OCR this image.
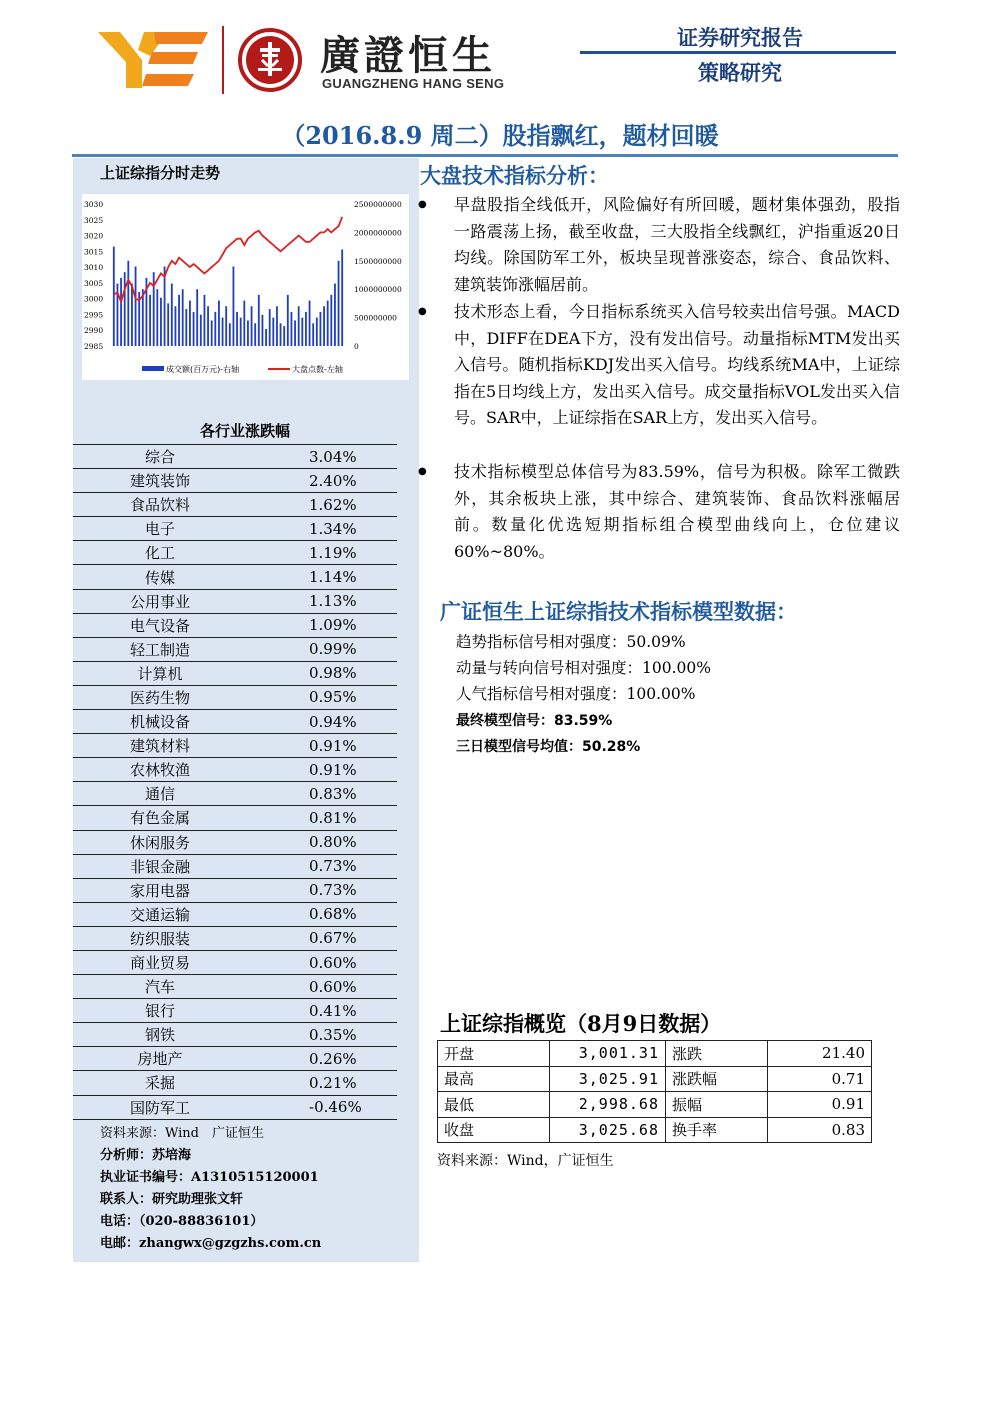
廣證恒生
GUANGZHENG HANG SENG
证券研究报告
策略研究
（2016.8.9 周二）股指飘红，题材回暖
上证综指分时走势
3030
3025
3020
3015
3010
3005
3000
2995
2990
2985
2500000000
2000000000
1500000000
1000000000
500000000
0
成交额(百万元)-右轴	大盘点数-左轴
各行业涨跌幅
综合	3.04%
建筑装饰	2.40%
食品饮料	1.62%
电子	1.34%
化工	1.19%
传媒	1.14%
公用事业	1.13%
电气设备	1.09%
轻工制造	0.99%
计算机	0.98%
医药生物	0.95%
机械设备	0.94%
建筑材料	0.91%
农林牧渔	0.91%
通信	0.83%
有色金属	0.81%
休闲服务	0.80%
非银金融	0.73%
家用电器	0.73%
交通运输	0.68%
纺织服装	0.67%
商业贸易	0.60%
汽车	0.60%
银行	0.41%
钢铁	0.35%
房地产	0.26%
采掘	0.21%
国防军工	-0.46%
资料来源：Wind　广证恒生
分析师：苏培海
执业证书编号：A1310515120001
联系人：研究助理张文轩
电话：（020-88836101）
电邮：zhangwx@gzgzhs.com.cn
大盘技术指标分析：
● 早盘股指全线低开，风险偏好有所回暖，题材集体强劲，股指一路震荡上扬，截至收盘，三大股指全线飘红，沪指重返20日均线。除国防军工外，板块呈现普涨姿态，综合、食品饮料、建筑装饰涨幅居前。
● 技术形态上看，今日指标系统买入信号较卖出信号强。MACD中，DIFF在DEA下方，没有发出信号。动量指标MTM发出买入信号。随机指标KDJ发出买入信号。均线系统MA中，上证综指在5日均线上方，发出买入信号。成交量指标VOL发出买入信号。SAR中，上证综指在SAR上方，发出买入信号。
● 技术指标模型总体信号为83.59%，信号为积极。除军工微跌外，其余板块上涨，其中综合、建筑装饰、食品饮料涨幅居前。数量化优选短期指标组合模型曲线向上，仓位建议60%~80%。
广证恒生上证综指技术指标模型数据：
趋势指标信号相对强度：50.09%
动量与转向信号相对强度：100.00%
人气指标信号相对强度：100.00%
最终模型信号：83.59%
三日模型信号均值：50.28%
上证综指概览（8月9日数据）
开盘	3,001.31	涨跌	21.40
最高	3,025.91	涨跌幅	0.71
最低	2,998.68	振幅	0.91
收盘	3,025.68	换手率	0.83
资料来源：Wind，广证恒生
